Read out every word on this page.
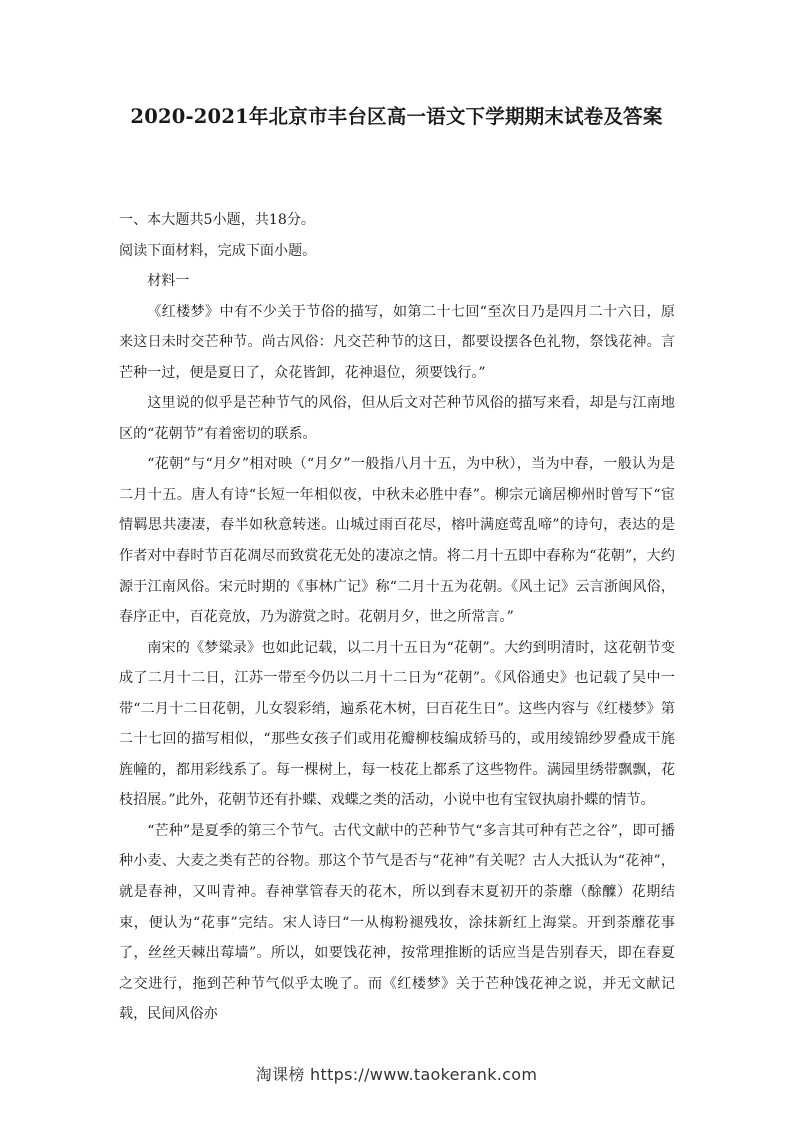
2020-2021年北京市丰台区高一语文下学期期末试卷及答案

一、本大题共5小题，共18分。

阅读下面材料，完成下面小题。

材料一

《红楼梦》中有不少关于节俗的描写，如第二十七回“至次日乃是四月二十六日，原来这日未时交芒种节。尚古风俗：凡交芒种节的这日，都要设摆各色礼物，祭饯花神。言芒种一过，便是夏日了，众花皆卸，花神退位，须要饯行。”

这里说的似乎是芒种节气的风俗，但从后文对芒种节风俗的描写来看，却是与江南地区的“花朝节”有着密切的联系。

“花朝”与“月夕”相对映（“月夕”一般指八月十五，为中秋），当为中春，一般认为是二月十五。唐人有诗“长短一年相似夜，中秋未必胜中春”。柳宗元谪居柳州时曾写下“宦情羁思共凄凄，春半如秋意转迷。山城过雨百花尽，榕叶满庭莺乱啼”的诗句，表达的是作者对中春时节百花凋尽而致赏花无处的凄凉之情。将二月十五即中春称为“花朝”，大约源于江南风俗。宋元时期的《事林广记》称“二月十五为花朝。《风土记》云言浙闽风俗，春序正中，百花竞放，乃为游赏之时。花朝月夕，世之所常言。”

南宋的《梦粱录》也如此记载，以二月十五日为“花朝”。大约到明清时，这花朝节变成了二月十二日，江苏一带至今仍以二月十二日为“花朝”。《风俗通史》也记载了吴中一带“二月十二日花朝，儿女裂彩绡，遍系花木树，曰百花生日”。这些内容与《红楼梦》第二十七回的描写相似，“那些女孩子们或用花瓣柳枝编成轿马的，或用绫锦纱罗叠成干旄旌幢的，都用彩线系了。每一棵树上，每一枝花上都系了这些物件。满园里绣带飘飘，花枝招展。”此外，花朝节还有扑蝶、戏蝶之类的活动，小说中也有宝钗执扇扑蝶的情节。

“芒种”是夏季的第三个节气。古代文献中的芒种节气“多言其可种有芒之谷”，即可播种小麦、大麦之类有芒的谷物。那这个节气是否与“花神”有关呢？古人大抵认为“花神”，就是春神，又叫青神。春神掌管春天的花木，所以到春末夏初开的荼蘼（酴醾）花期结束，便认为“花事”完结。宋人诗曰“一从梅粉褪残妆，涂抹新红上海棠。开到荼蘼花事了，丝丝天棘出莓墙”。所以，如要饯花神，按常理推断的话应当是告别春天，即在春夏之交进行，拖到芒种节气似乎太晚了。而《红楼梦》关于芒种饯花神之说，并无文献记载，民间风俗亦

淘课榜 https://www.taokerank.com
